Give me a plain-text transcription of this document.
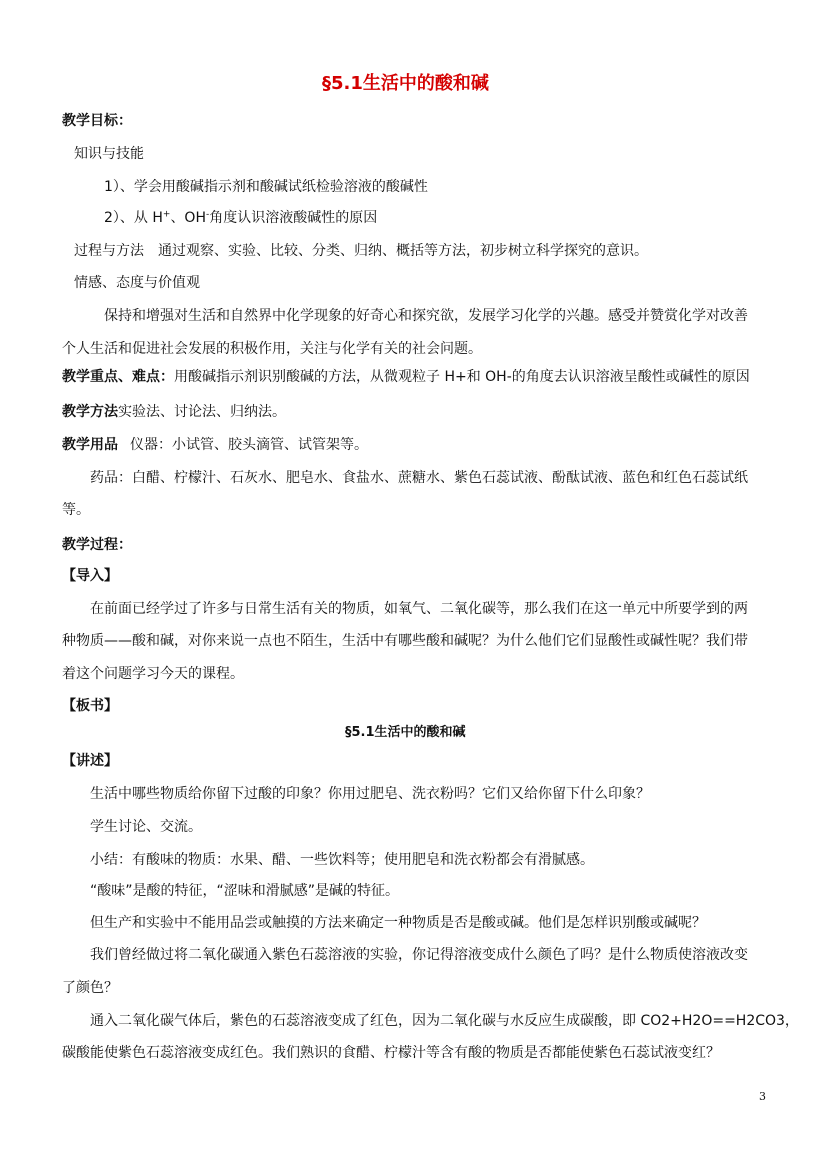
§5.1生活中的酸和碱
教学目标：
知识与技能
1）、学会用酸碱指示剂和酸碱试纸检验溶液的酸碱性
2）、从 H+、OH-角度认识溶液酸碱性的原因
过程与方法 通过观察、实验、比较、分类、归纳、概括等方法，初步树立科学探究的意识。
情感、态度与价值观
保持和增强对生活和自然界中化学现象的好奇心和探究欲，发展学习化学的兴趣。感受并赞赏化学对改善
个人生活和促进社会发展的积极作用，关注与化学有关的社会问题。
教学重点、难点：用酸碱指示剂识别酸碱的方法，从微观粒子 H+和 OH-的角度去认识溶液呈酸性或碱性的原因
教学方法实验法、讨论法、归纳法。
教学用品 仪器：小试管、胶头滴管、试管架等。
药品：白醋、柠檬汁、石灰水、肥皂水、食盐水、蔗糖水、紫色石蕊试液、酚酞试液、蓝色和红色石蕊试纸
等。
教学过程：
【导入】
在前面已经学过了许多与日常生活有关的物质，如氧气、二氧化碳等，那么我们在这一单元中所要学到的两
种物质——酸和碱，对你来说一点也不陌生，生活中有哪些酸和碱呢？为什么他们它们显酸性或碱性呢？我们带
着这个问题学习今天的课程。
【板书】
§5.1生活中的酸和碱
【讲述】
生活中哪些物质给你留下过酸的印象？你用过肥皂、洗衣粉吗？它们又给你留下什么印象？
学生讨论、交流。
小结：有酸味的物质：水果、醋、一些饮料等；使用肥皂和洗衣粉都会有滑腻感。
“酸味”是酸的特征，“涩味和滑腻感”是碱的特征。
但生产和实验中不能用品尝或触摸的方法来确定一种物质是否是酸或碱。他们是怎样识别酸或碱呢？
我们曾经做过将二氧化碳通入紫色石蕊溶液的实验，你记得溶液变成什么颜色了吗？是什么物质使溶液改变
了颜色？
通入二氧化碳气体后，紫色的石蕊溶液变成了红色，因为二氧化碳与水反应生成碳酸，即 CO2+H2O==H2CO3，
碳酸能使紫色石蕊溶液变成红色。我们熟识的食醋、柠檬汁等含有酸的物质是否都能使紫色石蕊试液变红？
3
